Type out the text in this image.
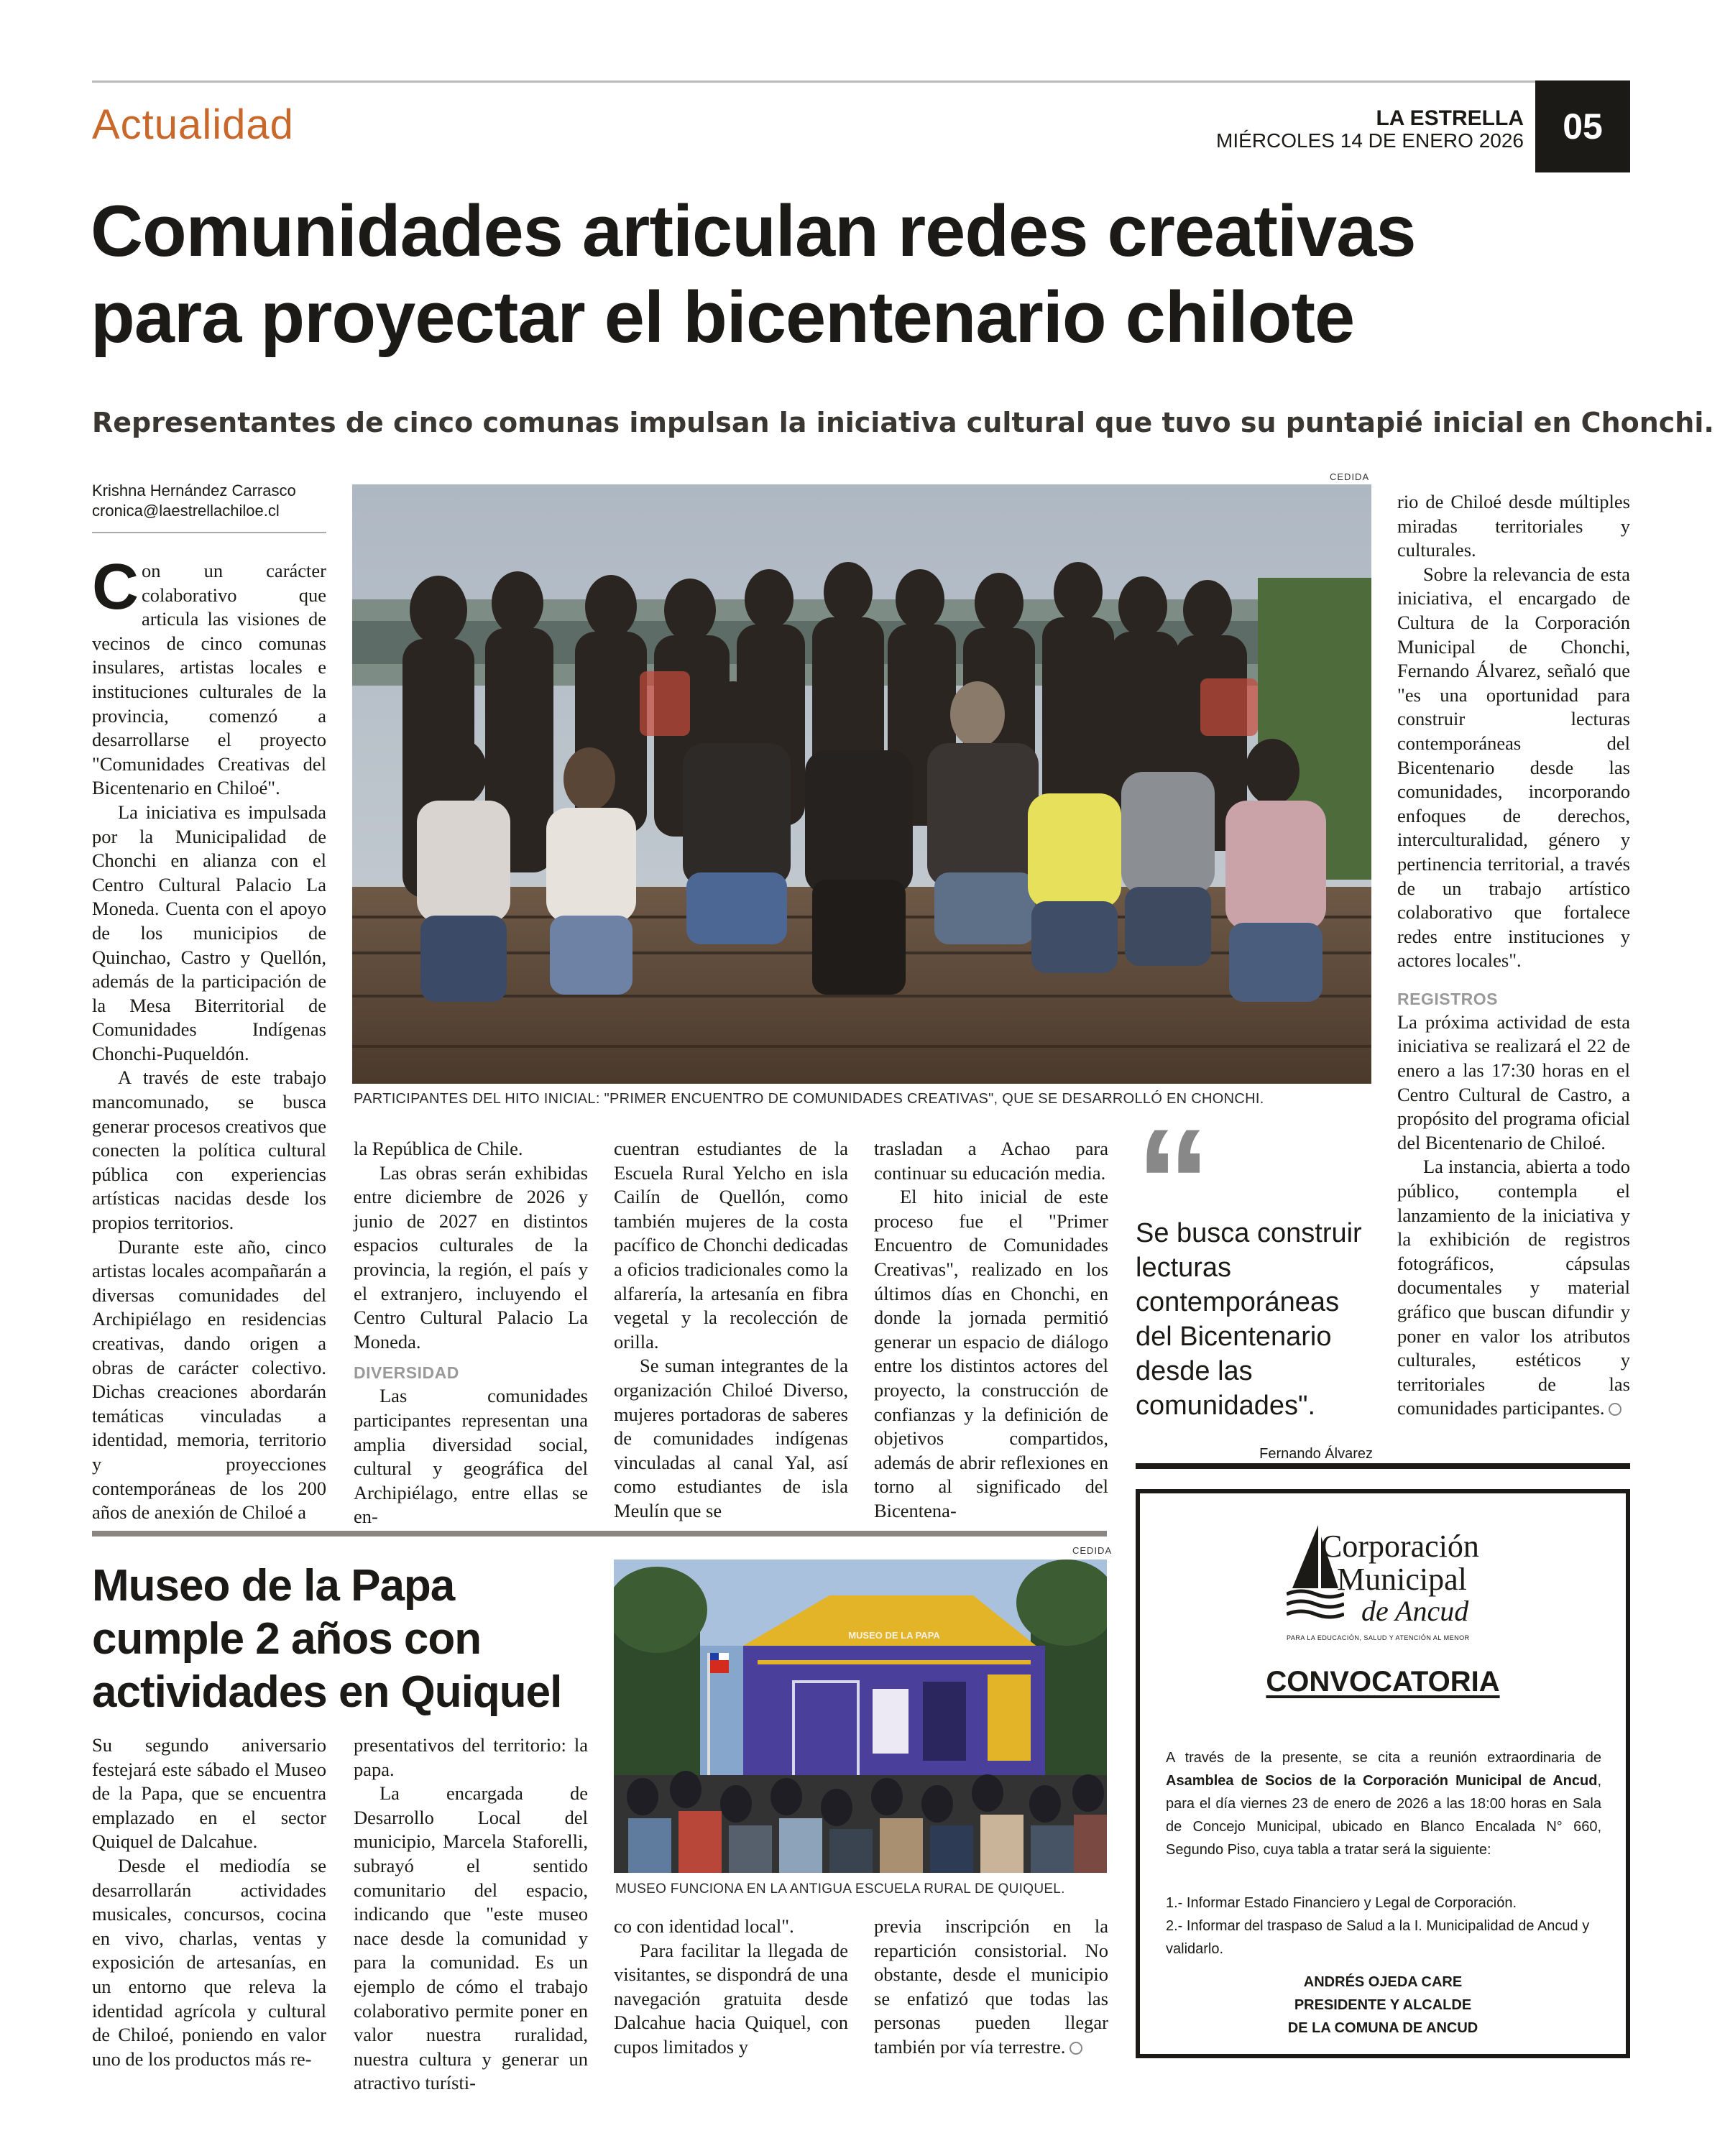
Actualidad	LA ESTRELLA
MIÉRCOLES 14 DE ENERO 2026	05
Comunidades articulan redes creativas
para proyectar el bicentenario chilote
Representantes de cinco comunas impulsan la iniciativa cultural que tuvo su puntapié inicial en Chonchi.
Krishna Hernández Carrasco
cronica@laestrellachiloe.cl
CEDIDA
PARTICIPANTES DEL HITO INICIAL: "PRIMER ENCUENTRO DE COMUNIDADES CREATIVAS", QUE SE DESARROLLÓ EN CHONCHI.

Con un carácter colaborativo que articula las visiones de vecinos de cinco comunas insulares, artistas locales e instituciones culturales de la provincia, comenzó a desarrollarse el proyecto "Comunidades Creativas del Bicentenario en Chiloé".

La iniciativa es impulsada por la Municipalidad de Chonchi en alianza con el Centro Cultural Palacio La Moneda. Cuenta con el apoyo de los municipios de Quinchao, Castro y Quellón, además de la participación de la Mesa Biterritorial de Comunidades Indígenas Chonchi-Puqueldón.

A través de este trabajo mancomunado, se busca generar procesos creativos que conecten la política cultural pública con experiencias artísticas nacidas desde los propios territorios.

Durante este año, cinco artistas locales acompañarán a diversas comunidades del Archipiélago en residencias creativas, dando origen a obras de carácter colectivo. Dichas creaciones abordarán temáticas vinculadas a identidad, memoria, territorio y proyecciones contemporáneas de los 200 años de anexión de Chiloé a

la República de Chile.

Las obras serán exhibidas entre diciembre de 2026 y junio de 2027 en distintos espacios culturales de la provincia, la región, el país y el extranjero, incluyendo el Centro Cultural Palacio La Moneda.

DIVERSIDAD

Las comunidades participantes representan una amplia diversidad social, cultural y geográfica del Archipiélago, entre ellas se en-

cuentran estudiantes de la Escuela Rural Yelcho en isla Cailín de Quellón, como también mujeres de la costa pacífico de Chonchi dedicadas a oficios tradicionales como la alfarería, la artesanía en fibra vegetal y la recolección de orilla.

Se suman integrantes de la organización Chiloé Diverso, mujeres portadoras de saberes de comunidades indígenas vinculadas al canal Yal, así como estudiantes de isla Meulín que se

trasladan a Achao para continuar su educación media.

El hito inicial de este proceso fue el "Primer Encuentro de Comunidades Creativas", realizado en los últimos días en Chonchi, en donde la jornada permitió generar un espacio de diálogo entre los distintos actores del proyecto, la construcción de confianzas y la definición de objetivos compartidos, además de abrir reflexiones en torno al significado del Bicentena-

Se busca construir lecturas contemporáneas del Bicentenario desde las comunidades".
Fernando Álvarez

rio de Chiloé desde múltiples miradas territoriales y culturales.

Sobre la relevancia de esta iniciativa, el encargado de Cultura de la Corporación Municipal de Chonchi, Fernando Álvarez, señaló que "es una oportunidad para construir lecturas contemporáneas del Bicentenario desde las comunidades, incorporando enfoques de derechos, interculturalidad, género y pertinencia territorial, a través de un trabajo artístico colaborativo que fortalece redes entre instituciones y actores locales".

REGISTROS

La próxima actividad de esta iniciativa se realizará el 22 de enero a las 17:30 horas en el Centro Cultural de Castro, a propósito del programa oficial del Bicentenario de Chiloé.

La instancia, abierta a todo público, contempla el lanzamiento de la iniciativa y la exhibición de registros fotográficos, cápsulas documentales y material gráfico que buscan difundir y poner en valor los atributos culturales, estéticos y territoriales de las comunidades participantes.

Museo de la Papa
cumple 2 años con
actividades en Quiquel
CEDIDA
MUSEO DE LA PAPA
MUSEO FUNCIONA EN LA ANTIGUA ESCUELA RURAL DE QUIQUEL.

Su segundo aniversario festejará este sábado el Museo de la Papa, que se encuentra emplazado en el sector Quiquel de Dalcahue.

Desde el mediodía se desarrollarán actividades musicales, concursos, cocina en vivo, charlas, ventas y exposición de artesanías, en un entorno que releva la identidad agrícola y cultural de Chiloé, poniendo en valor uno de los productos más re-

presentativos del territorio: la papa.

La encargada de Desarrollo Local del municipio, Marcela Staforelli, subrayó el sentido comunitario del espacio, indicando que "este museo nace desde la comunidad y para la comunidad. Es un ejemplo de cómo el trabajo colaborativo permite poner en valor nuestra ruralidad, nuestra cultura y generar un atractivo turísti-

co con identidad local".

Para facilitar la llegada de visitantes, se dispondrá de una navegación gratuita desde Dalcahue hacia Quiquel, con cupos limitados y

previa inscripción en la repartición consistorial. No obstante, desde el municipio se enfatizó que todas las personas pueden llegar también por vía terrestre.

Corporación
Municipal
de Ancud
PARA LA EDUCACIÓN, SALUD Y ATENCIÓN AL MENOR
CONVOCATORIA
A través de la presente, se cita a reunión extraordinaria de Asamblea de Socios de la Corporación Municipal de Ancud, para el día viernes 23 de enero de 2026 a las 18:00 horas en Sala de Concejo Municipal, ubicado en Blanco Encalada N° 660, Segundo Piso, cuya tabla a tratar será la siguiente:
1.- Informar Estado Financiero y Legal de Corporación.
2.- Informar del traspaso de Salud a la I. Municipalidad de Ancud y validarlo.
ANDRÉS OJEDA CARE
PRESIDENTE Y ALCALDE
DE LA COMUNA DE ANCUD
